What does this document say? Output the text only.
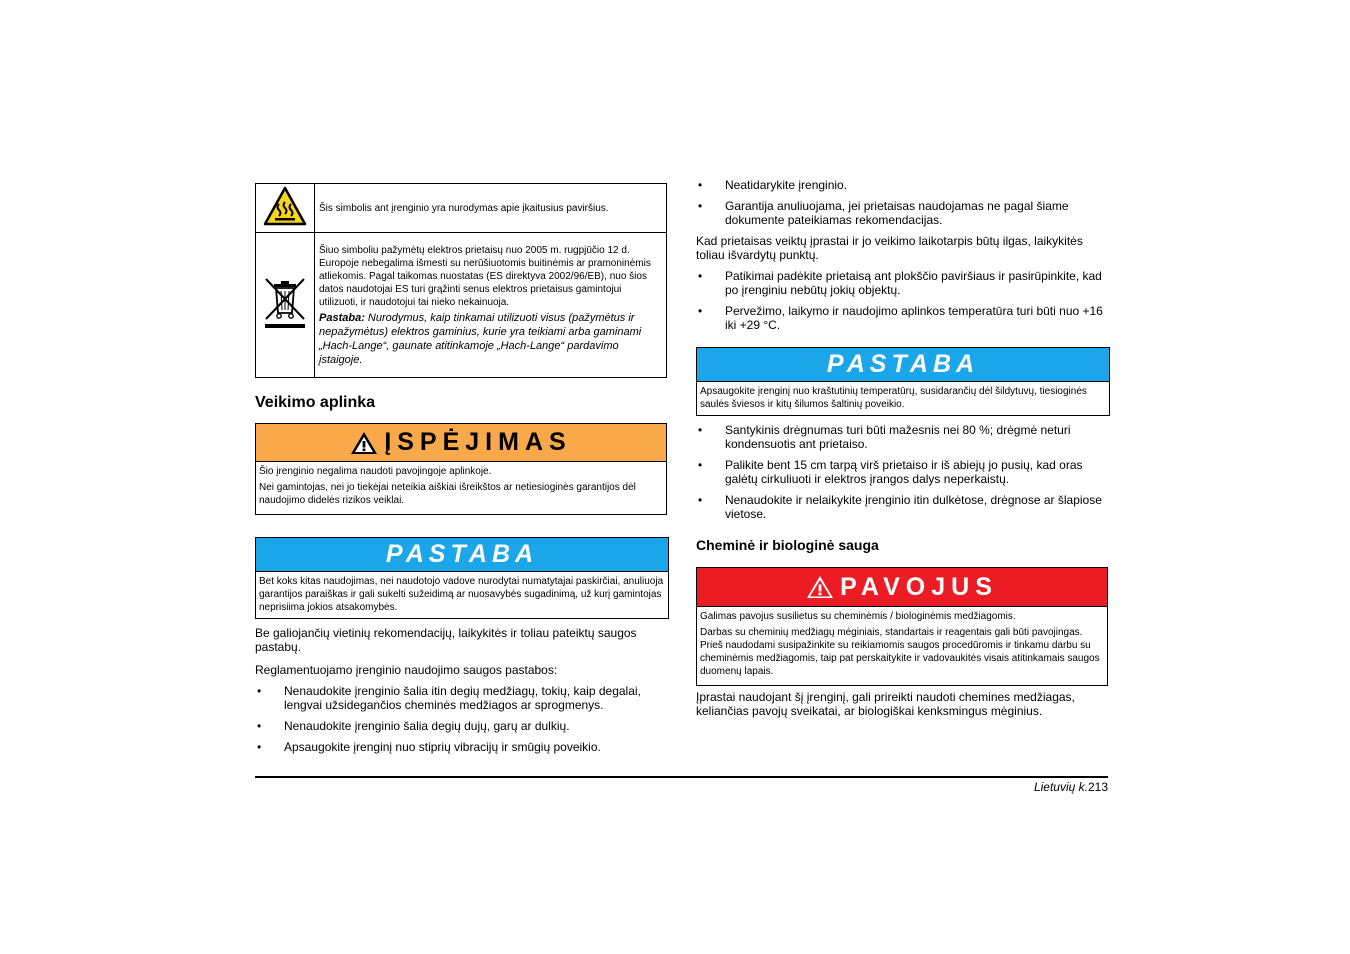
	Šis simbolis ant įrenginio yra nurodymas apie įkaitusius paviršius.
	Šiuo simboliu pažymėtų elektros prietaisų nuo 2005 m. rugpjūčio 12 d. Europoje nebegalima išmesti su nerūšiuotomis buitinėmis ar pramoninėmis atliekomis. Pagal taikomas nuostatas (ES direktyva 2002/96/EB), nuo šios datos naudotojai ES turi grąžinti senus elektros prietaisus gamintojui utilizuoti, ir naudotojui tai nieko nekainuoja.
Pastaba: Nurodymus, kaip tinkamai utilizuoti visus (pažymėtus ir nepažymėtus) elektros gaminius, kurie yra teikiami arba gaminami „Hach-Lange“, gaunate atitinkamoje „Hach-Lange“ pardavimo įstaigoje.
Veikimo aplinka
ĮSPĖJIMAS

Šio įrenginio negalima naudoti pavojingoje aplinkoje.

Nei gamintojas, nei jo tiekėjai neteikia aiškiai išreikštos ar netiesioginės garantijos dėl naudojimo didelės rizikos veiklai.

PASTABA
Bet koks kitas naudojimas, nei naudotojo vadove nurodytai numatytajai paskirčiai, anuliuoja garantijos paraiškas ir gali sukelti sužeidimą ar nuosavybės sugadinimą, už kurį gamintojas neprisiima jokios atsakomybės.

Be galiojančių vietinių rekomendacijų, laikykitės ir toliau pateiktų saugos pastabų.

Reglamentuojamo įrenginio naudojimo saugos pastabos:

• Nenaudokite įrenginio šalia itin degių medžiagų, tokių, kaip degalai, lengvai užsidegančios cheminės medžiagos ar sprogmenys.
• Nenaudokite įrenginio šalia degių dujų, garų ar dulkių.
• Apsaugokite įrenginį nuo stiprių vibracijų ir smūgių poveikio.
• Neatidarykite įrenginio.
• Garantija anuliuojama, jei prietaisas naudojamas ne pagal šiame dokumente pateikiamas rekomendacijas.

Kad prietaisas veiktų įprastai ir jo veikimo laikotarpis būtų ilgas, laikykitės toliau išvardytų punktų.

• Patikimai padėkite prietaisą ant plokščio paviršiaus ir pasirūpinkite, kad po įrenginiu nebūtų jokių objektų.
• Pervežimo, laikymo ir naudojimo aplinkos temperatūra turi būti nuo +16 iki +29 °C.
PASTABA
Apsaugokite įrenginį nuo kraštutinių temperatūrų, susidarančių dėl šildytuvų, tiesioginės saulės šviesos ir kitų šilumos šaltinių poveikio.
• Santykinis drėgnumas turi būti mažesnis nei 80 %; drėgmė neturi kondensuotis ant prietaiso.
• Palikite bent 15 cm tarpą virš prietaiso ir iš abiejų jo pusių, kad oras galėtų cirkuliuoti ir elektros įrangos dalys neperkaistų.
• Nenaudokite ir nelaikykite įrenginio itin dulkėtose, drėgnose ar šlapiose vietose.
Cheminė ir biologinė sauga
PAVOJUS

Galimas pavojus susilietus su cheminėmis / biologinėmis medžiagomis.

Darbas su cheminių medžiagų mėginiais, standartais ir reagentais gali būti pavojingas.

Prieš naudodami susipažinkite su reikiamomis saugos procedūromis ir tinkamu darbu su cheminėmis medžiagomis, taip pat perskaitykite ir vadovaukitės visais atitinkamais saugos duomenų lapais.

Įprastai naudojant šį įrenginį, gali prireikti naudoti chemines medžiagas, keliančias pavojų sveikatai, ar biologiškai kenksmingus mėginius.

Lietuvių k.213
